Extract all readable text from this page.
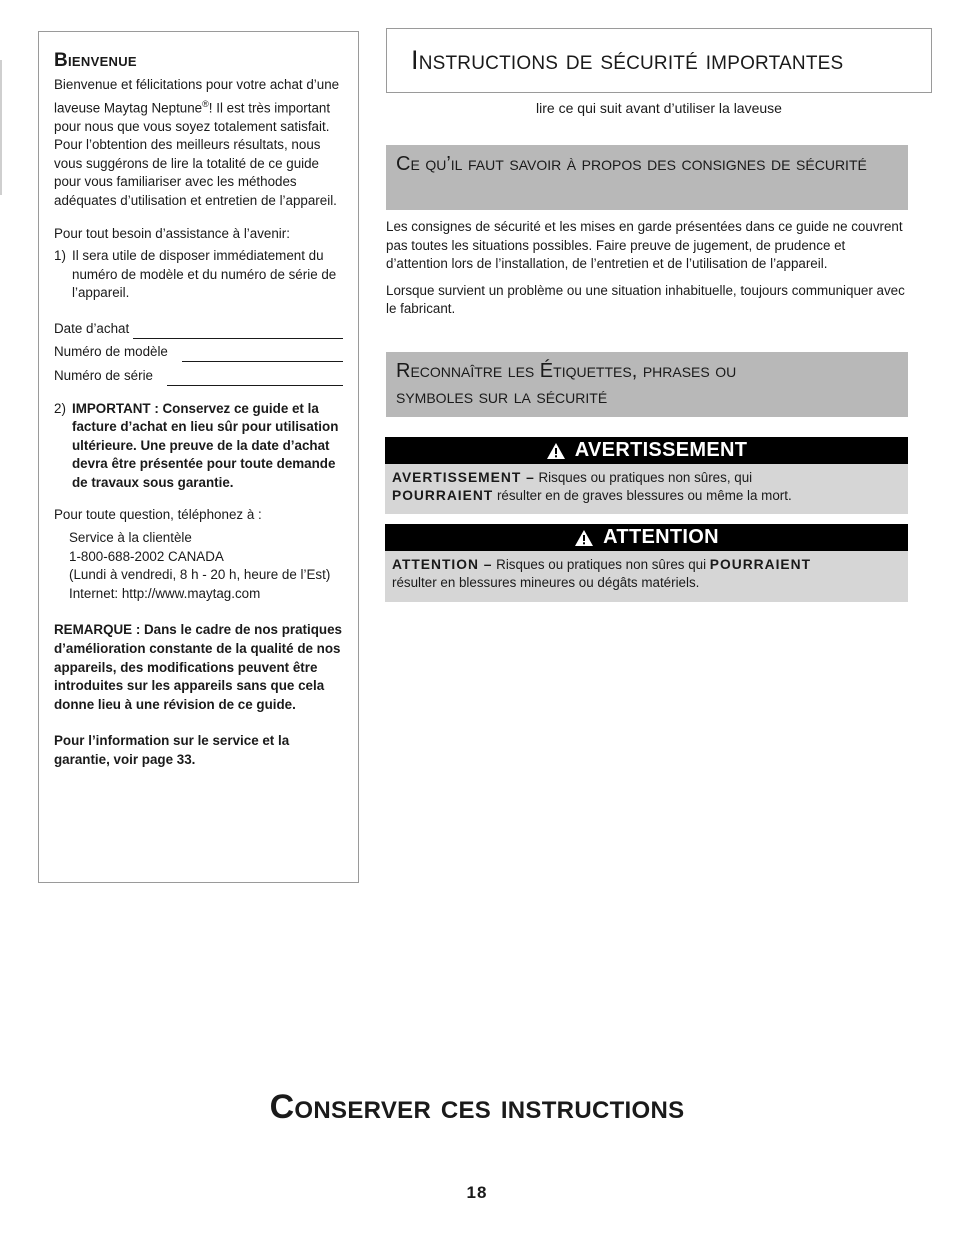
Bienvenue

Bienvenue et félicitations pour votre achat d’une laveuse Maytag Neptune®! Il est très important pour nous que vous soyez totalement satisfait. Pour l’obtention des meilleurs résultats, nous vous suggérons de lire la totalité de ce guide pour vous familiariser avec les méthodes adéquates d’utilisation et entretien de l’appareil.

Pour tout besoin d’assistance à l’avenir:

1) Il sera utile de disposer immédiatement du numéro de modèle et du numéro de série de l’appareil.
Date d’achat
Numéro de modèle
Numéro de série
2) IMPORTANT : Conservez ce guide et la facture d’achat en lieu sûr pour utilisation ultérieure. Une preuve de la date d’achat devra être présentée pour toute demande de travaux sous garantie.

Pour toute question, téléphonez à :

Service à la clientèle
1-800-688-2002 CANADA
(Lundi à vendredi, 8 h - 20 h, heure de l’Est)
Internet: http://www.maytag.com

REMARQUE : Dans le cadre de nos pratiques d’amélioration constante de la qualité de nos appareils, des modifications peuvent être introduites sur les appareils sans que cela donne lieu à une révision de ce guide.

Pour l’information sur le service et la garantie, voir page 33.

Instructions de sécurité importantes
lire ce qui suit avant d’utiliser la laveuse
Ce qu’il faut savoir à propos des consignes de sécurité

Les consignes de sécurité et les mises en garde présentées dans ce guide ne couvrent pas toutes les situations possibles. Faire preuve de jugement, de prudence et d’attention lors de l’installation, de l’entretien et de l’utilisation de l’appareil.

Lorsque survient un problème ou une situation inhabituelle, toujours communiquer avec le fabricant.

Reconnaître les Étiquettes, phrases ou
symboles sur la sécurité
AVERTISSEMENT
AVERTISSEMENT – Risques ou pratiques non sûres, qui
POURRAIENT résulter en de graves blessures ou même la mort.
ATTENTION
ATTENTION – Risques ou pratiques non sûres qui POURRAIENT
résulter en blessures mineures ou dégâts matériels.
Conserver ces instructions
18
